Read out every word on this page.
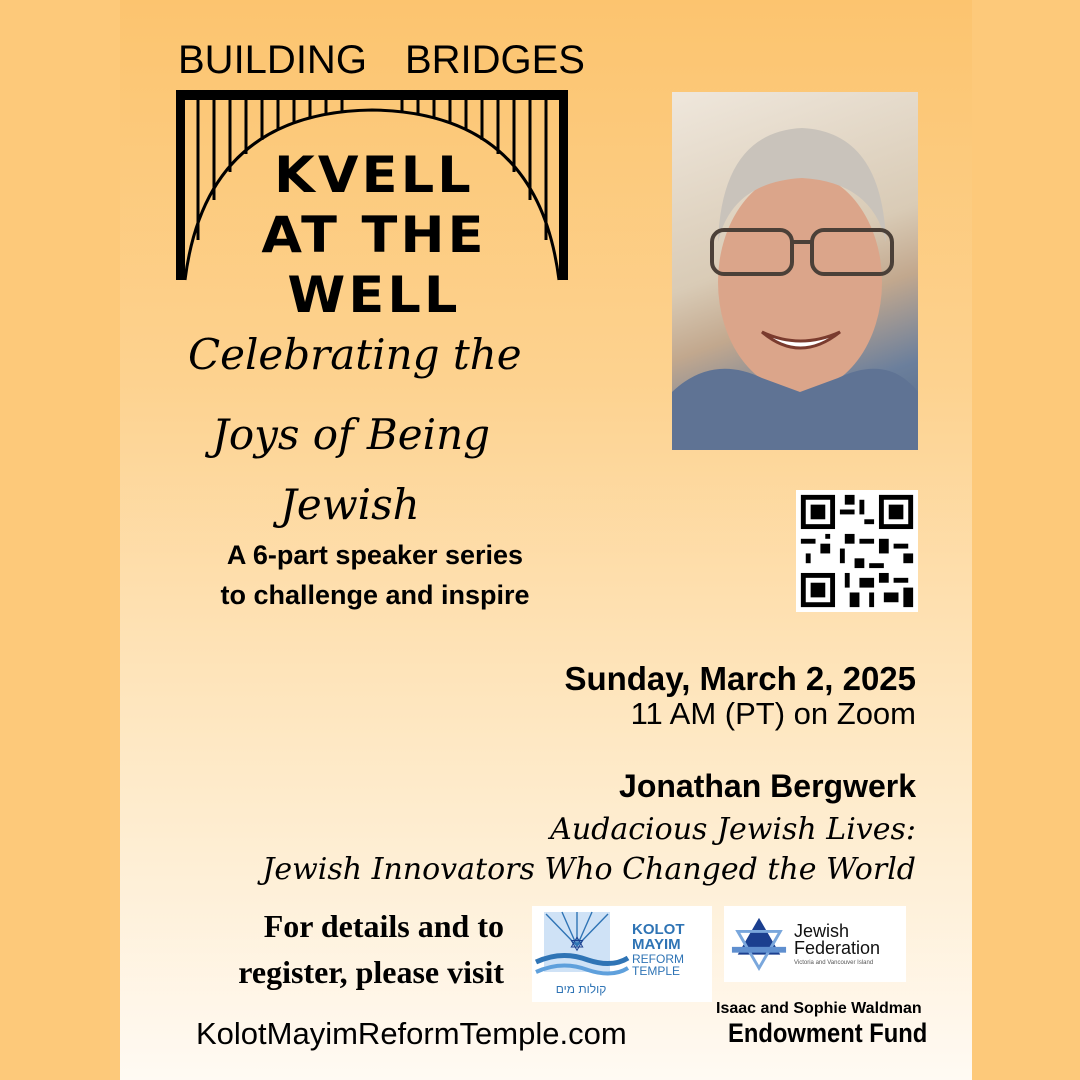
BUILDING BRIDGES
KVELL
AT THE
WELL
Celebrating the
Joys of Being
Jewish
A 6-part speaker series
to challenge and inspire
Sunday, March 2, 2025
11 AM (PT) on Zoom
Jonathan Bergwerk
Audacious Jewish Lives:
Jewish Innovators Who Changed the World
For details and to
register, please visit
KolotMayimReformTemple.com
✡
KOLOT
MAYIM
REFORM
TEMPLE
קולות מים
Jewish
Federation
Victoria and Vancouver Island
Isaac and Sophie Waldman
Endowment Fund
